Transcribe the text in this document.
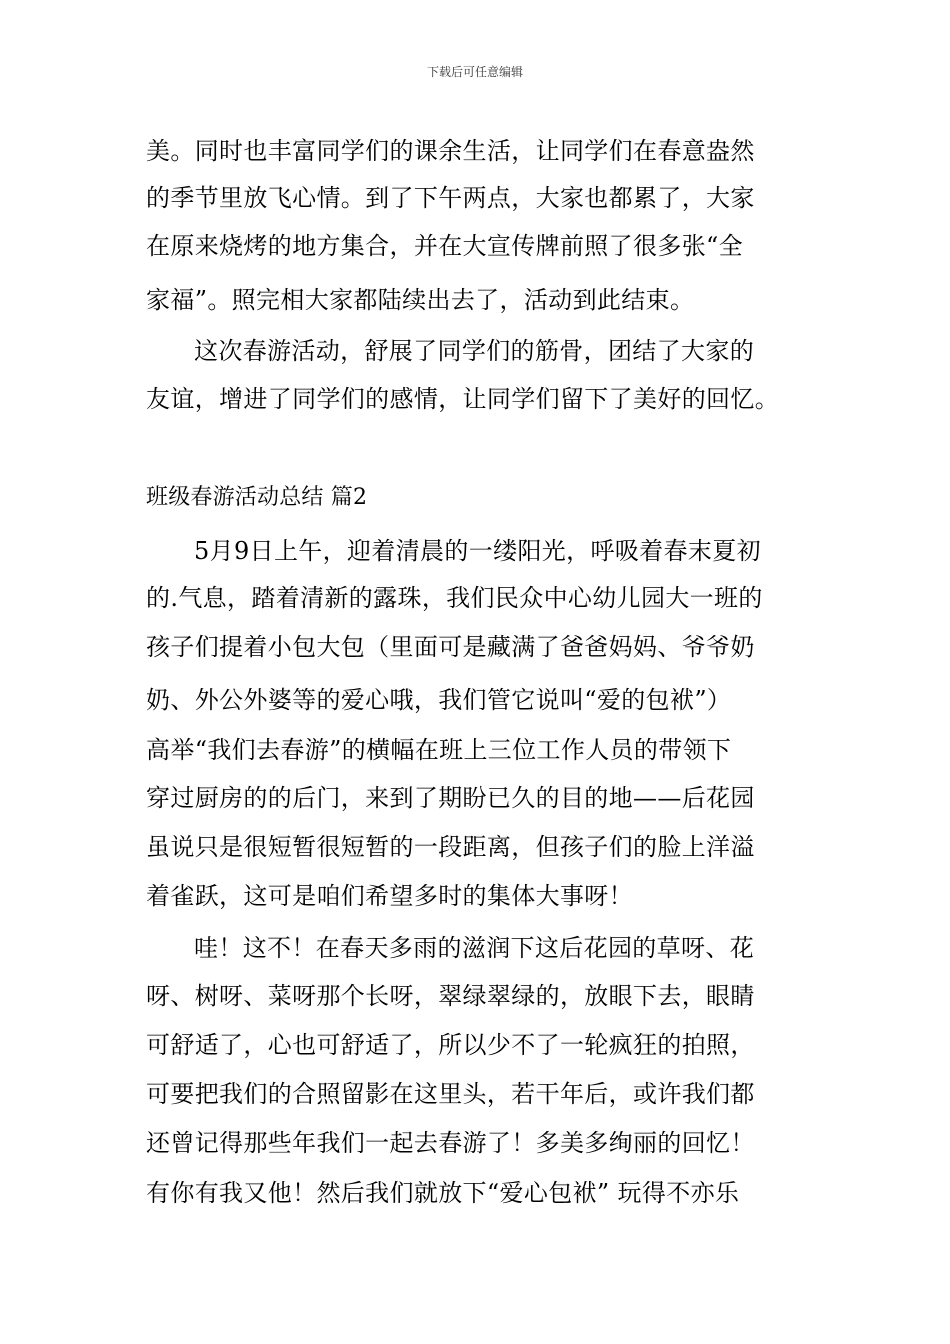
下载后可任意编辑
美。同时也丰富同学们的课余生活，让同学们在春意盎然
的季节里放飞心情。到了下午两点，大家也都累了，大家
在原来烧烤的地方集合，并在大宣传牌前照了很多张“全
家福”。照完相大家都陆续出去了，活动到此结束。
这次春游活动，舒展了同学们的筋骨，团结了大家的
友谊，增进了同学们的感情，让同学们留下了美好的回忆。
班级春游活动总结 篇2
5月9日上午，迎着清晨的一缕阳光，呼吸着春末夏初
的.气息，踏着清新的露珠，我们民众中心幼儿园大一班的
孩子们提着小包大包（里面可是藏满了爸爸妈妈、爷爷奶
奶、外公外婆等的爱心哦，我们管它说叫“爱的包袱”）
高举“我们去春游”的横幅在班上三位工作人员的带领下
穿过厨房的的后门，来到了期盼已久的目的地——后花园
虽说只是很短暂很短暂的一段距离，但孩子们的脸上洋溢
着雀跃，这可是咱们希望多时的集体大事呀！
哇！这不！在春天多雨的滋润下这后花园的草呀、花
呀、树呀、菜呀那个长呀，翠绿翠绿的，放眼下去，眼睛
可舒适了，心也可舒适了，所以少不了一轮疯狂的拍照，
可要把我们的合照留影在这里头，若干年后，或许我们都
还曾记得那些年我们一起去春游了！多美多绚丽的回忆！
有你有我又他！然后我们就放下“爱心包袱” 玩得不亦乐
